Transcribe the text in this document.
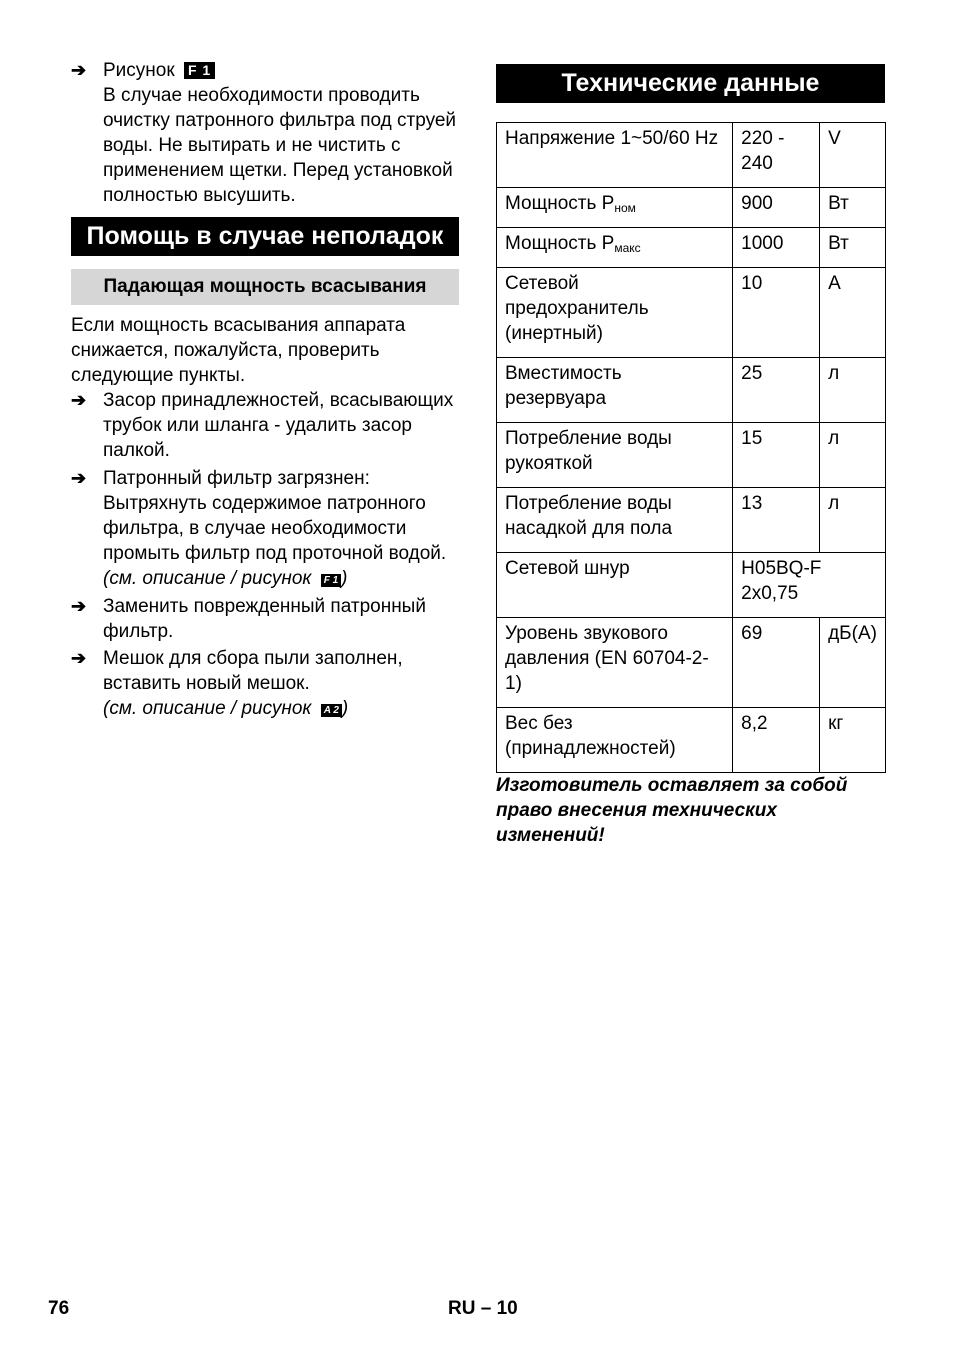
➔ Рисунок F 1
В случае необходимости проводить очистку патронного фильтра под струей воды. Не вытирать и не чистить с применением щетки. Перед установкой полностью высушить.
Помощь в случае неполадок
Падающая мощность всасывания
Если мощность всасывания аппарата снижается, пожалуйста, проверить следующие пункты.
➔ Засор принадлежностей, всасывающих трубок или шланга - удалить засор палкой.
➔ Патронный фильтр загрязнен:
Вытряхнуть содержимое патронного фильтра, в случае необходимости промыть фильтр под проточной водой.
(см. описание / рисунок F 1 )
➔ Заменить поврежденный патронный фильтр.
➔ Мешок для сбора пыли заполнен, вставить новый мешок.
(см. описание / рисунок A 2 )
Технические данные
Напряжение 1~50/60 Hz	220 - 240	V
Мощность $P_{ном}$	900	Вт
Мощность $P_{макс}$	1000	Вт
Сетевой предохранитель (инертный)	10	A
Вместимость резервуара	25	л
Потребление воды рукояткой	15	л
Потребление воды насадкой для пола	13	л
Сетевой шнур	H05BQ-F 2x0,75	
Уровень звукового давления (EN 60704-2-1)	69	дБ(А)
Вес без (принадлежностей)	8,2	кг
Изготовитель оставляет за собой право внесения технических изменений!
76	RU – 10
